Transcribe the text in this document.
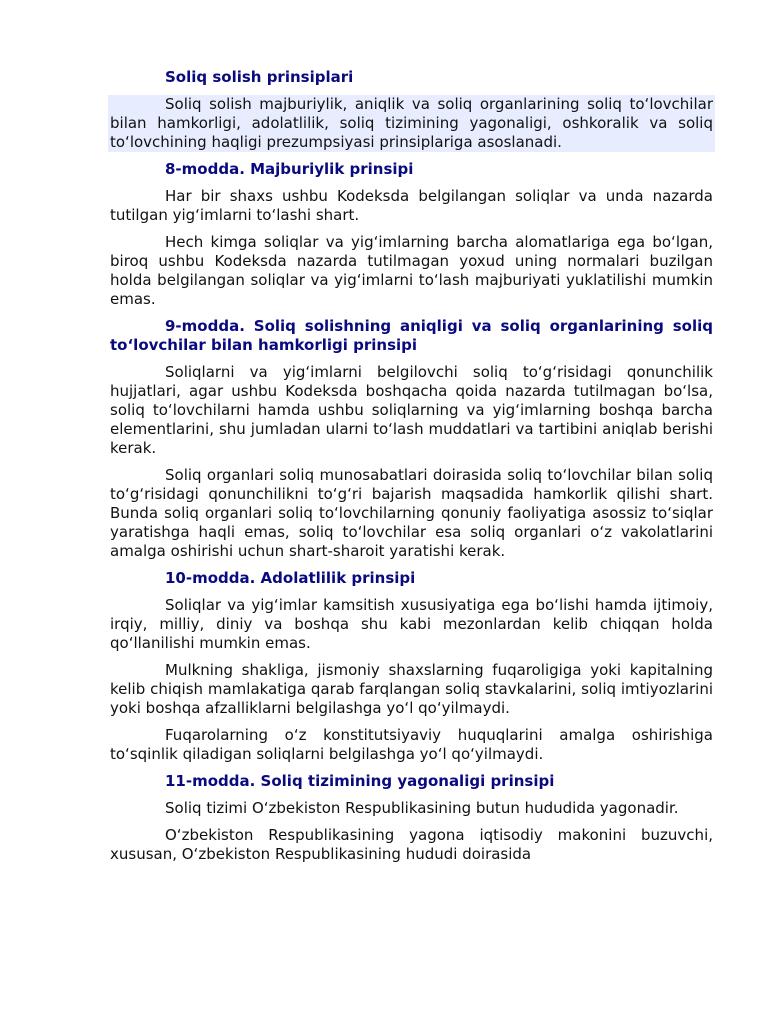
Soliq solish prinsiplari
Soliq solish majburiylik, aniqlik va soliq organlarining soliq to‘lovchilar bilan hamkorligi, adolatlilik, soliq tizimining yagonaligi, oshkoralik va soliq to‘lovchining haqligi prezumpsiyasi prinsiplariga asoslanadi.
8-modda. Majburiylik prinsipi
Har bir shaxs ushbu Kodeksda belgilangan soliqlar va unda nazarda tutilgan yig‘imlarni to‘lashi shart.
Hech kimga soliqlar va yig‘imlarning barcha alomatlariga ega bo‘lgan, biroq ushbu Kodeksda nazarda tutilmagan yoxud uning normalari buzilgan holda belgilangan soliqlar va yig‘imlarni to‘lash majburiyati yuklatilishi mumkin emas.
9-modda. Soliq solishning aniqligi va soliq organlarining soliq to‘lovchilar bilan hamkorligi prinsipi
Soliqlarni va yig‘imlarni belgilovchi soliq to‘g‘risidagi qonunchilik hujjatlari, agar ushbu Kodeksda boshqacha qoida nazarda tutilmagan bo‘lsa, soliq to‘lovchilarni hamda ushbu soliqlarning va yig‘imlarning boshqa barcha elementlarini, shu jumladan ularni to‘lash muddatlari va tartibini aniqlab berishi kerak.
Soliq organlari soliq munosabatlari doirasida soliq to‘lovchilar bilan soliq to‘g‘risidagi qonunchilikni to‘g‘ri bajarish maqsadida hamkorlik qilishi shart. Bunda soliq organlari soliq to‘lovchilarning qonuniy faoliyatiga asossiz to‘siqlar yaratishga haqli emas, soliq to‘lovchilar esa soliq organlari o‘z vakolatlarini amalga oshirishi uchun shart-sharoit yaratishi kerak.
10-modda. Adolatlilik prinsipi
Soliqlar va yig‘imlar kamsitish xususiyatiga ega bo‘lishi hamda ijtimoiy, irqiy, milliy, diniy va boshqa shu kabi mezonlardan kelib chiqqan holda qo‘llanilishi mumkin emas.
Mulkning shakliga, jismoniy shaxslarning fuqaroligiga yoki kapitalning kelib chiqish mamlakatiga qarab farqlangan soliq stavkalarini, soliq imtiyozlarini yoki boshqa afzalliklarni belgilashga yo‘l qo‘yilmaydi.
Fuqarolarning o‘z konstitutsiyaviy huquqlarini amalga oshirishiga to‘sqinlik qiladigan soliqlarni belgilashga yo‘l qo‘yilmaydi.
11-modda. Soliq tizimining yagonaligi prinsipi
Soliq tizimi O‘zbekiston Respublikasining butun hududida yagonadir.
O‘zbekiston Respublikasining yagona iqtisodiy makonini buzuvchi, xususan, O‘zbekiston Respublikasining hududi doirasida
